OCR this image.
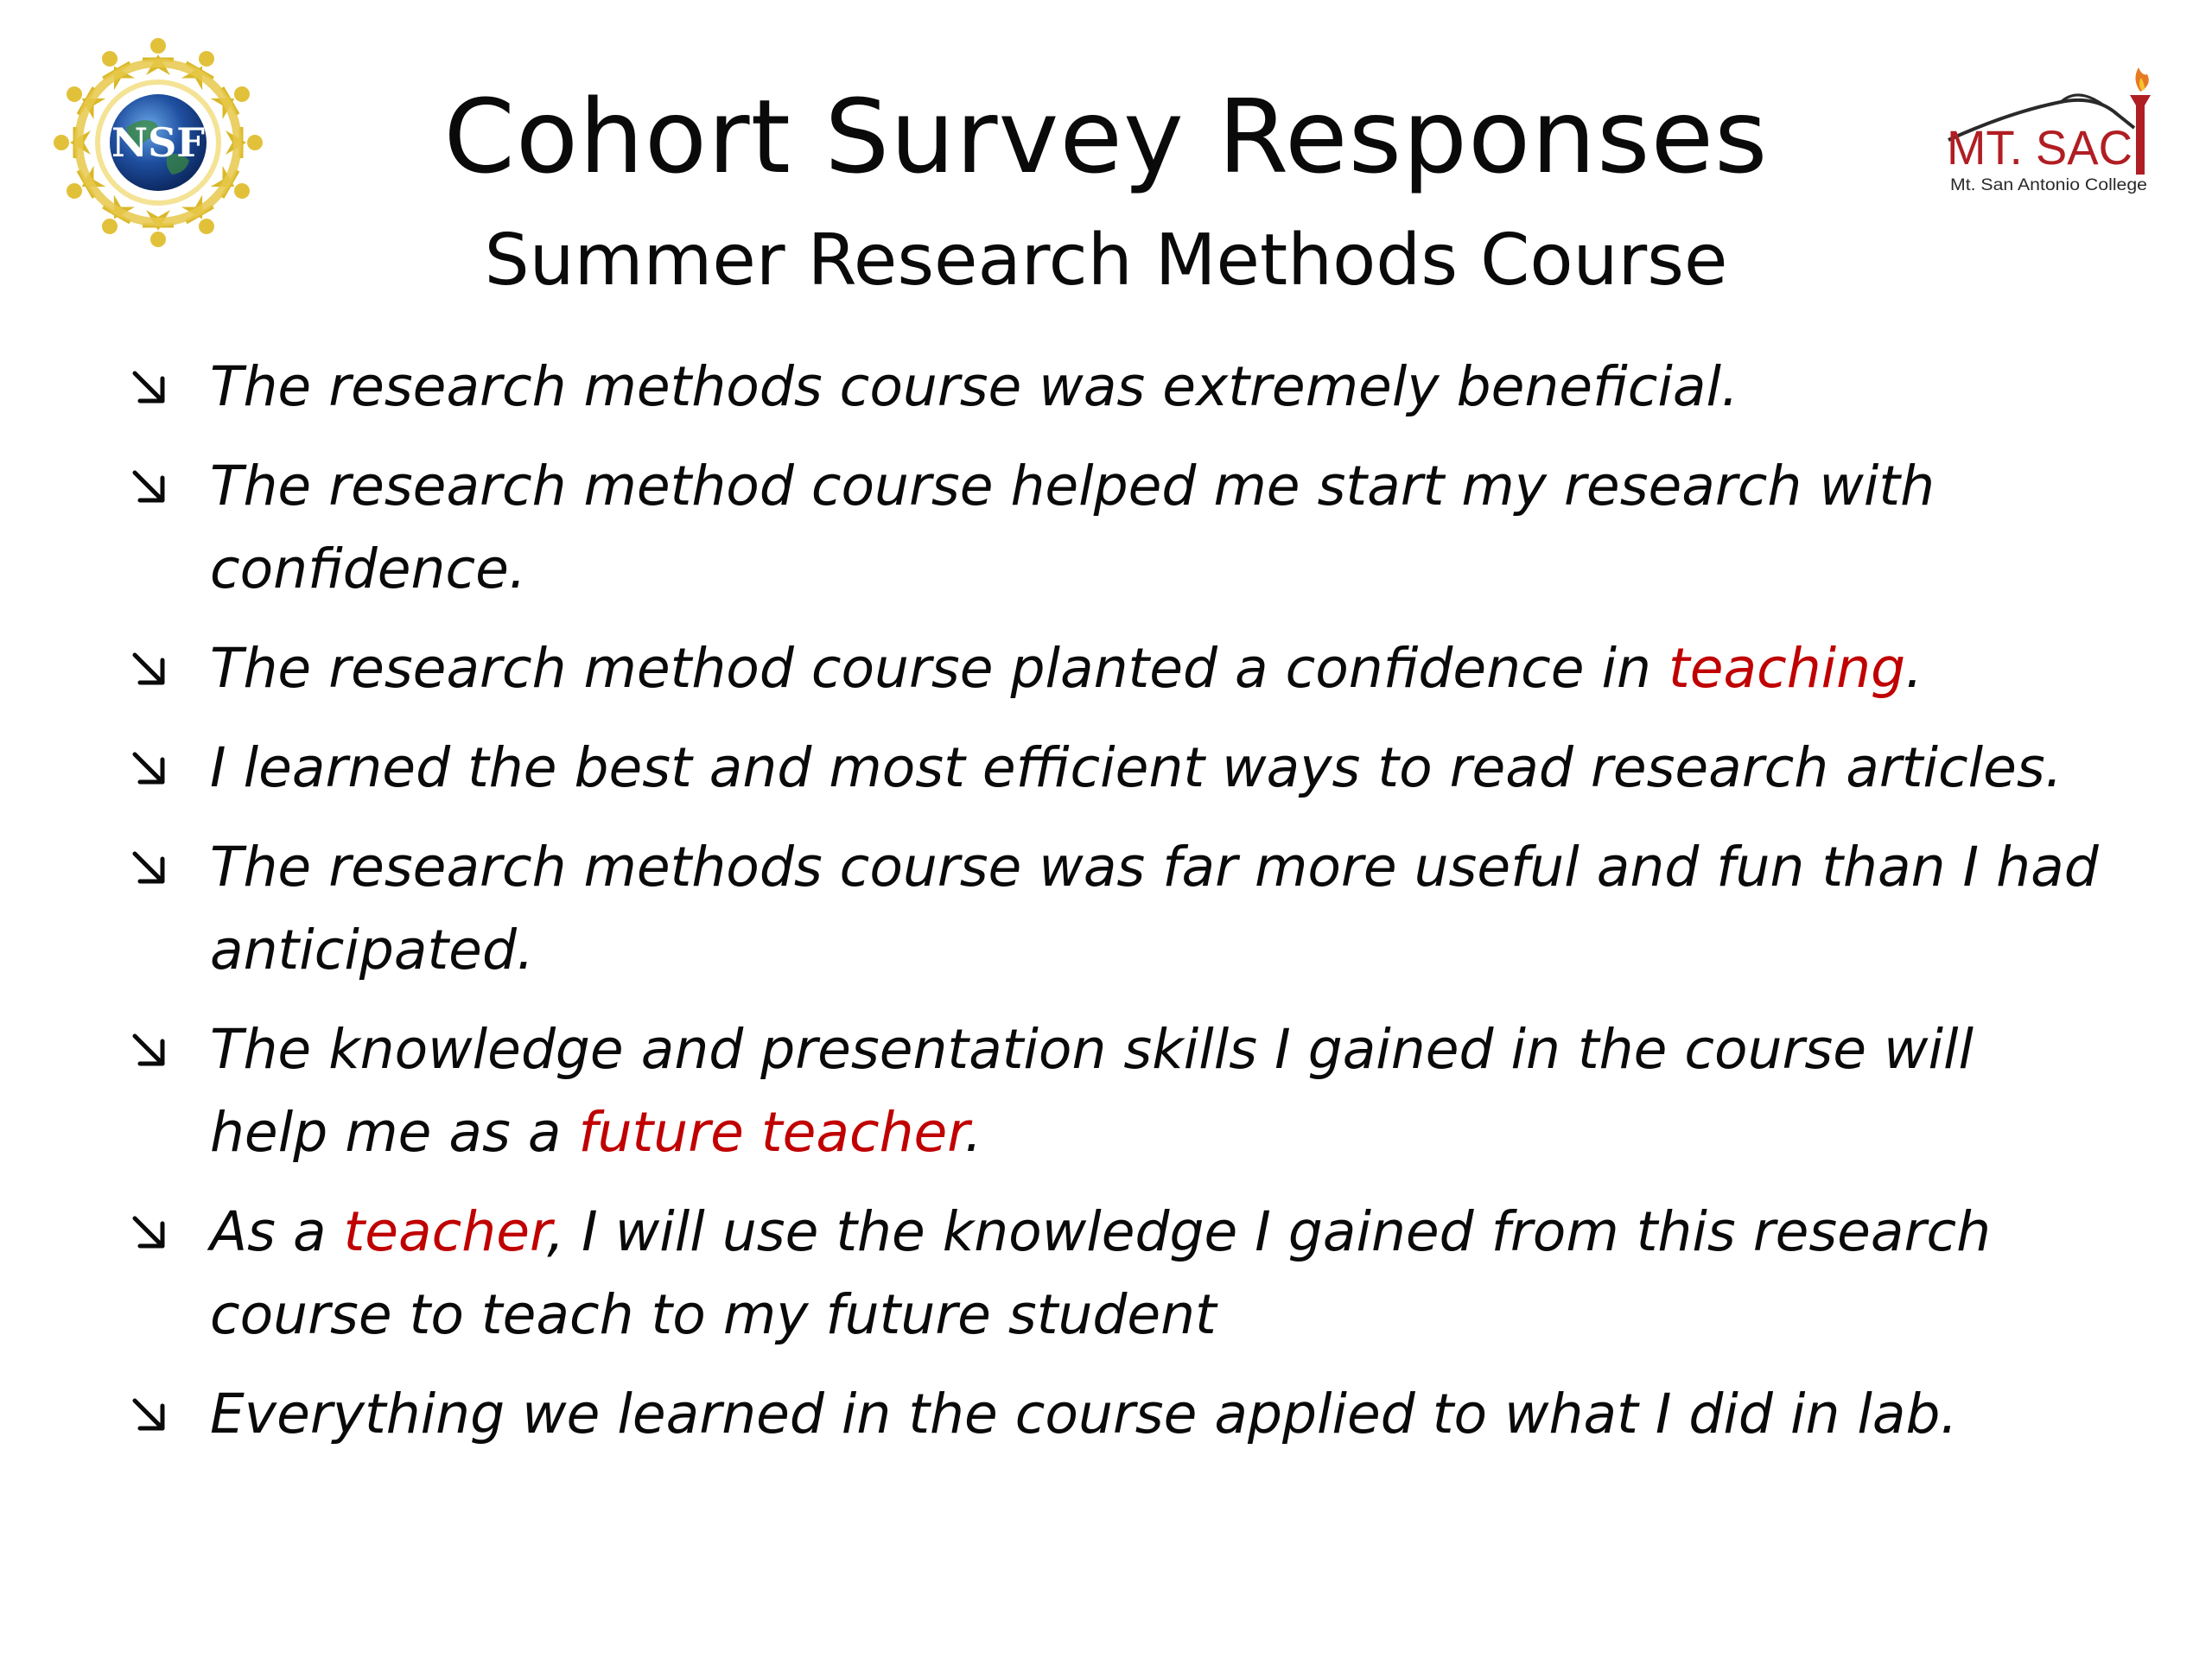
NSF	MT. SAC
Mt. San Antonio College
Cohort Survey Responses
Summer Research Methods Course
The research methods course was extremely beneficial.
The research method course helped me start my research with confidence.
The research method course planted a confidence in teaching.
I learned the best and most efficient ways to read research articles.
The research methods course was far more useful and fun than I had anticipated.
The knowledge and presentation skills I gained in the course will help me as a future teacher.
As a teacher, I will use the knowledge I gained from this research course to teach to my future student
Everything we learned in the course applied to what I did in lab.
